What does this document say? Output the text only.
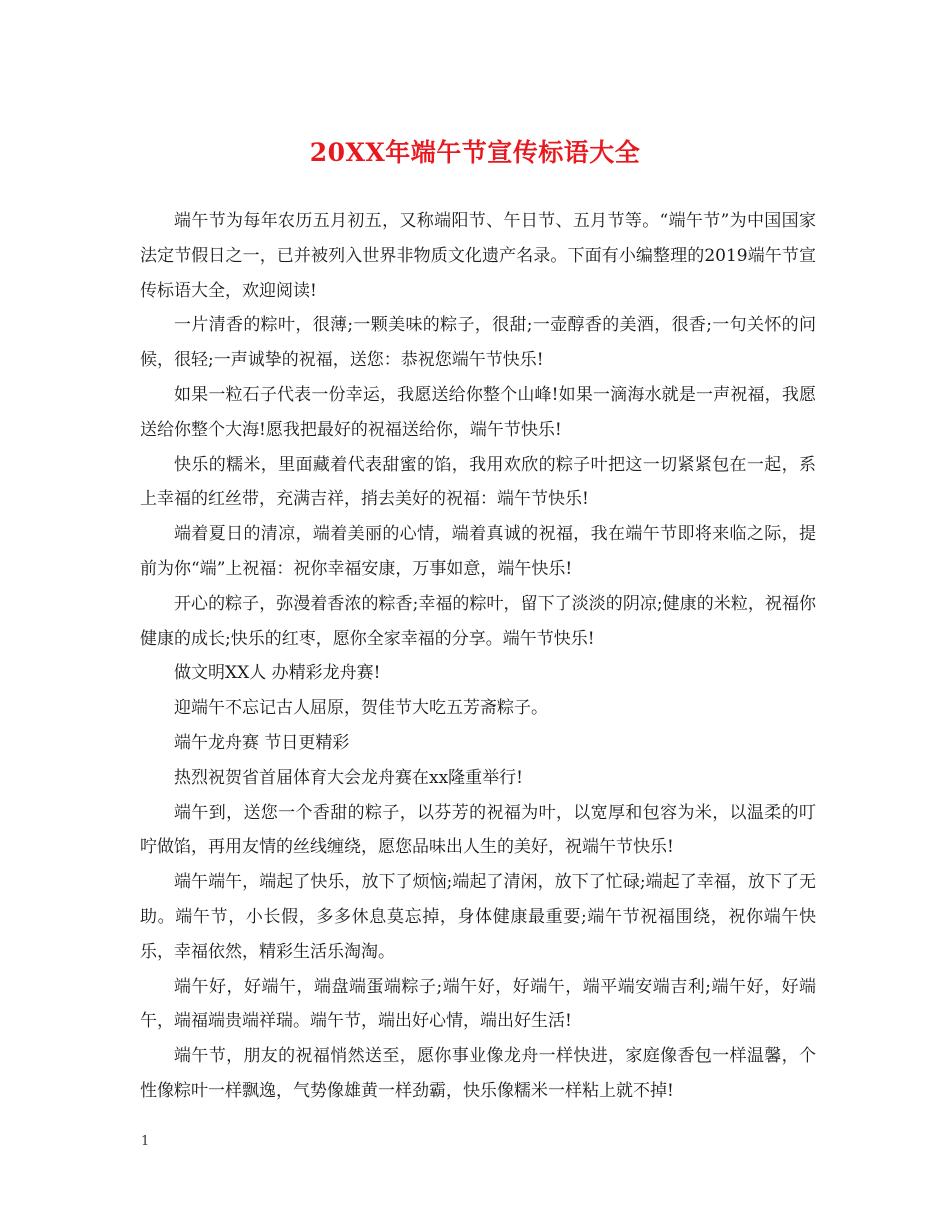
20XX年端午节宣传标语大全

端午节为每年农历五月初五，又称端阳节、午日节、五月节等。“端午节”为中国国家法定节假日之一，已并被列入世界非物质文化遗产名录。下面有小编整理的2019端午节宣传标语大全，欢迎阅读!

一片清香的粽叶，很薄;一颗美味的粽子，很甜;一壶醇香的美酒，很香;一句关怀的问候，很轻;一声诚挚的祝福，送您：恭祝您端午节快乐!

如果一粒石子代表一份幸运，我愿送给你整个山峰!如果一滴海水就是一声祝福，我愿送给你整个大海!愿我把最好的祝福送给你，端午节快乐!

快乐的糯米，里面藏着代表甜蜜的馅，我用欢欣的粽子叶把这一切紧紧包在一起，系上幸福的红丝带，充满吉祥，捎去美好的祝福：端午节快乐!

端着夏日的清凉，端着美丽的心情，端着真诚的祝福，我在端午节即将来临之际，提前为你“端”上祝福：祝你幸福安康，万事如意，端午快乐!

开心的粽子，弥漫着香浓的粽香;幸福的粽叶，留下了淡淡的阴凉;健康的米粒，祝福你健康的成长;快乐的红枣，愿你全家幸福的分享。端午节快乐!

做文明XX人 办精彩龙舟赛!

迎端午不忘记古人屈原，贺佳节大吃五芳斋粽子。

端午龙舟赛 节日更精彩

热烈祝贺省首届体育大会龙舟赛在xx隆重举行!

端午到，送您一个香甜的粽子，以芬芳的祝福为叶，以宽厚和包容为米，以温柔的叮咛做馅，再用友情的丝线缠绕，愿您品味出人生的美好，祝端午节快乐!

端午端午，端起了快乐，放下了烦恼;端起了清闲，放下了忙碌;端起了幸福，放下了无助。端午节，小长假，多多休息莫忘掉，身体健康最重要;端午节祝福围绕，祝你端午快乐，幸福依然，精彩生活乐淘淘。

端午好，好端午，端盘端蛋端粽子;端午好，好端午，端平端安端吉利;端午好，好端午，端福端贵端祥瑞。端午节，端出好心情，端出好生活!

端午节，朋友的祝福悄然送至，愿你事业像龙舟一样快进，家庭像香包一样温馨，个性像粽叶一样飘逸，气势像雄黄一样劲霸，快乐像糯米一样粘上就不掉!

1
